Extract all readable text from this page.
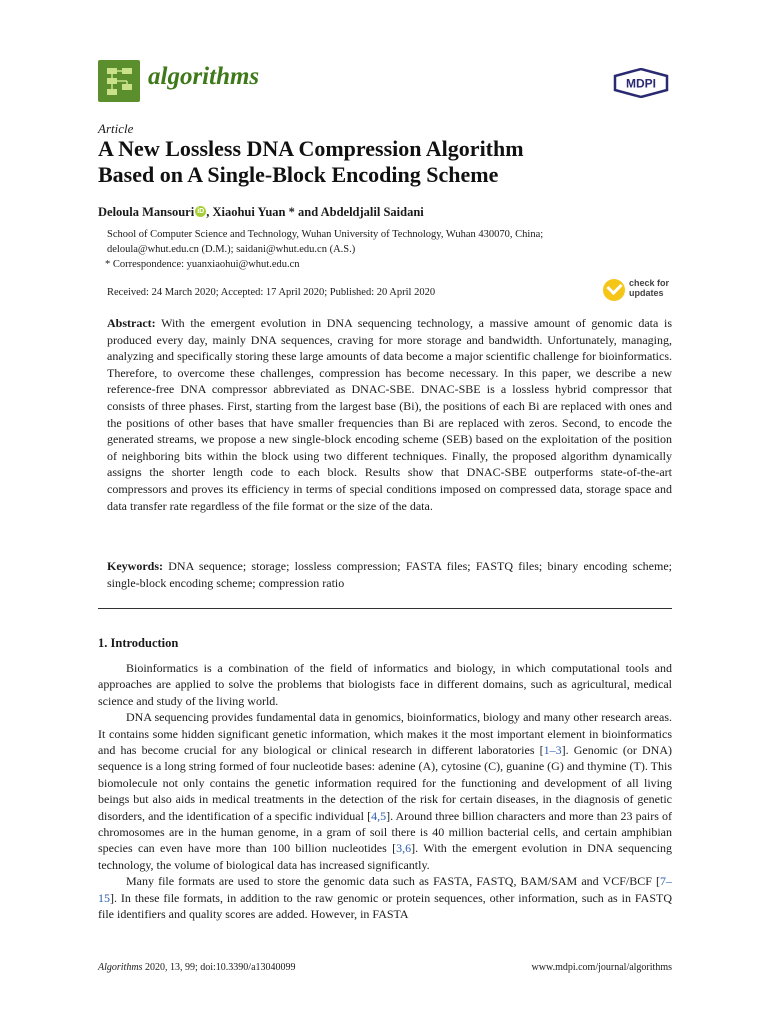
algorithms	MDPI
Article
A New Lossless DNA Compression Algorithm
Based on A Single-Block Encoding Scheme
Deloula Mansouri iD , Xiaohui Yuan * and Abdeldjalil Saidani
School of Computer Science and Technology, Wuhan University of Technology, Wuhan 430070, China;
deloula@whut.edu.cn (D.M.); saidani@whut.edu.cn (A.S.)
* Correspondence: yuanxiaohui@whut.edu.cn
Received: 24 March 2020; Accepted: 17 April 2020; Published: 20 April 2020
check for
updates
Abstract: With the emergent evolution in DNA sequencing technology, a massive amount of genomic data is produced every day, mainly DNA sequences, craving for more storage and bandwidth. Unfortunately, managing, analyzing and specifically storing these large amounts of data become a major scientific challenge for bioinformatics. Therefore, to overcome these challenges, compression has become necessary. In this paper, we describe a new reference-free DNA compressor abbreviated as DNAC-SBE. DNAC-SBE is a lossless hybrid compressor that consists of three phases. First, starting from the largest base (Bi), the positions of each Bi are replaced with ones and the positions of other bases that have smaller frequencies than Bi are replaced with zeros. Second, to encode the generated streams, we propose a new single-block encoding scheme (SEB) based on the exploitation of the position of neighboring bits within the block using two different techniques. Finally, the proposed algorithm dynamically assigns the shorter length code to each block. Results show that DNAC-SBE outperforms state-of-the-art compressors and proves its efficiency in terms of special conditions imposed on compressed data, storage space and data transfer rate regardless of the file format or the size of the data.
Keywords: DNA sequence; storage; lossless compression; FASTA files; FASTQ files; binary encoding scheme; single-block encoding scheme; compression ratio
1. Introduction

Bioinformatics is a combination of the field of informatics and biology, in which computational tools and approaches are applied to solve the problems that biologists face in different domains, such as agricultural, medical science and study of the living world.

DNA sequencing provides fundamental data in genomics, bioinformatics, biology and many other research areas. It contains some hidden significant genetic information, which makes it the most important element in bioinformatics and has become crucial for any biological or clinical research in different laboratories [1–3]. Genomic (or DNA) sequence is a long string formed of four nucleotide bases: adenine (A), cytosine (C), guanine (G) and thymine (T). This biomolecule not only contains the genetic information required for the functioning and development of all living beings but also aids in medical treatments in the detection of the risk for certain diseases, in the diagnosis of genetic disorders, and the identification of a specific individual [4,5]. Around three billion characters and more than 23 pairs of chromosomes are in the human genome, in a gram of soil there is 40 million bacterial cells, and certain amphibian species can even have more than 100 billion nucleotides [3,6]. With the emergent evolution in DNA sequencing technology, the volume of biological data has increased significantly.

Many file formats are used to store the genomic data such as FASTA, FASTQ, BAM/SAM and VCF/BCF [7–15]. In these file formats, in addition to the raw genomic or protein sequences, other information, such as in FASTQ file identifiers and quality scores are added. However, in FASTA

Algorithms 2020, 13, 99; doi:10.3390/a13040099	www.mdpi.com/journal/algorithms
